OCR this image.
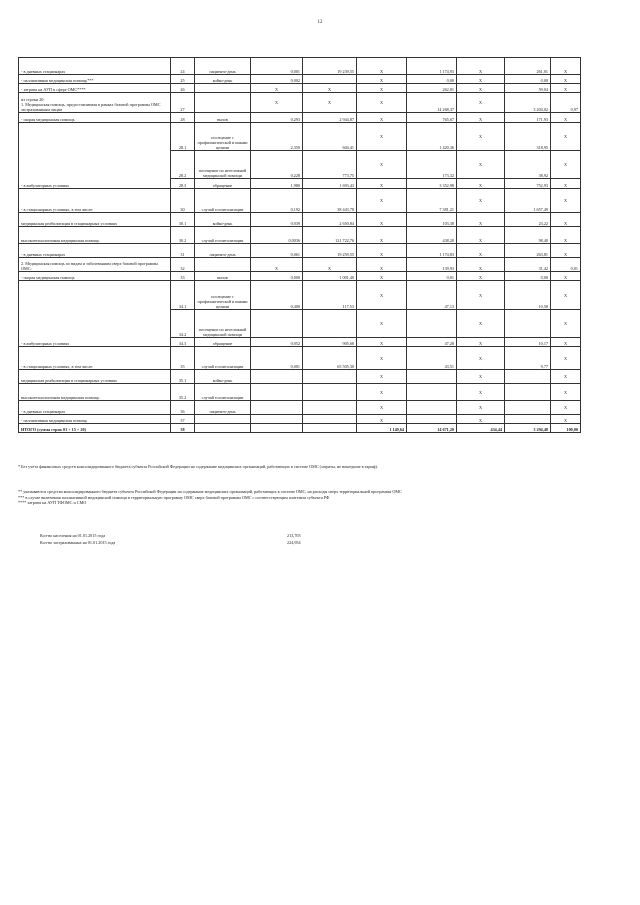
12
- в дневных стационарах	24	пациенто-день	0,001	19 239,55	X	1 174,93	X	261,01	X
- паллиативная медицинская помощь***	25	койко-день	0,002		X	0,00	X	0,00	X
- затраты на АУП в сфере ОМС****	26		X	X	X	262,01	X	59,04	X
из строки 20:
1. Медицинская помощь, предоставляемая в рамках базовой программы ОМС застрахованным лицам	27		X	X	X	14 268,37	X	3 204,02	0,97
- скорая медицинская помощь	28	вызов	0,293	2 944,87	X	765,67	X	171,93	X
- в амбулаторных условиях	28.1	посещение с профилактической и иными целями	2,350	604,41	X	1 420,36	X	318,95	X
	28.2	посещение по неотложной медицинской помощи	0,228	773,75	X	173,32	X	38,92	X
	28.3	обращение	1,980	1 693,43	X	3 352,98	X	752,93	X
- в стационарных условиях, в том числе:	30	случай госпитализации	0,192	38 443,78	X	7 381,21	X	1 657,49	X
медицинская реабилитация в стационарных условиях	30.1	койко-день	0,039	2 650,84	X	103,38	X	23,22	X
высокотехнологичная медицинская помощь	30.2	случай госпитализации	0,0036	121 722,76	X	438,20	X	98,40	X
- в дневных стационарах	31	пациенто-день	0,061	19 259,55	X	1 174,83	X	263,81	X
2. Медицинская помощь по видам и заболеваниям сверх базовой программы ОМС:	32		X	X	X	139,93	X	31,42	0,01
- скорая медицинская помощь	33	вызов	0,000	1 001,40	X	0,01	X	0,00	X
- в амбулаторных условиях	34.1	посещение с профилактической и иными целями	0,400	117,53	X	47,13	X	10,58	X
	34.2	посещение по неотложной медицинской помощи			X		X		X
	34.3	обращение	0,052	905,68	X	47,28	X	10,17	X
- в стационарных условиях, в том числе:	35	случай госпитализации	0,001	65 505,30	X	43,51	X	9,77	X
медицинская реабилитация в стационарных условиях	35.1	койко-день			X		X		X
высокотехнологичная медицинская помощь	35.2	случай госпитализации			X		X		X
- в дневных стационарах	36	пациенто-день			X		X		X
- паллиативная медицинская помощь	37				X		X		X
ИТОГО (сумма строк 01 + 15 + 20)	38				1 149,64	14 671,20	434,44	3 294,48	100,00
* Без учета финансовых средств консолидированного бюджета субъекта Российской Федерации на содержание медицинских организаций, работающих в системе ОМС (затраты, не вошедшие в тариф).
** указываются средства консолидированного бюджета субъекта Российской Федерации на содержание медицинских организаций, работающих в системе ОМС, на расходы сверх территориальной программы ОМС
*** в случае включения паллиативной медицинской помощи в территориальную программу ОМС сверх базовой программы ОМС с соответствующим платежом субъекта РФ
**** затраты на АУП ТФОМС и СМО
Кол-во населения на 01.01.2015 года	213,703
Кол-во застрахованных на 01.01.2015 года	224,954
